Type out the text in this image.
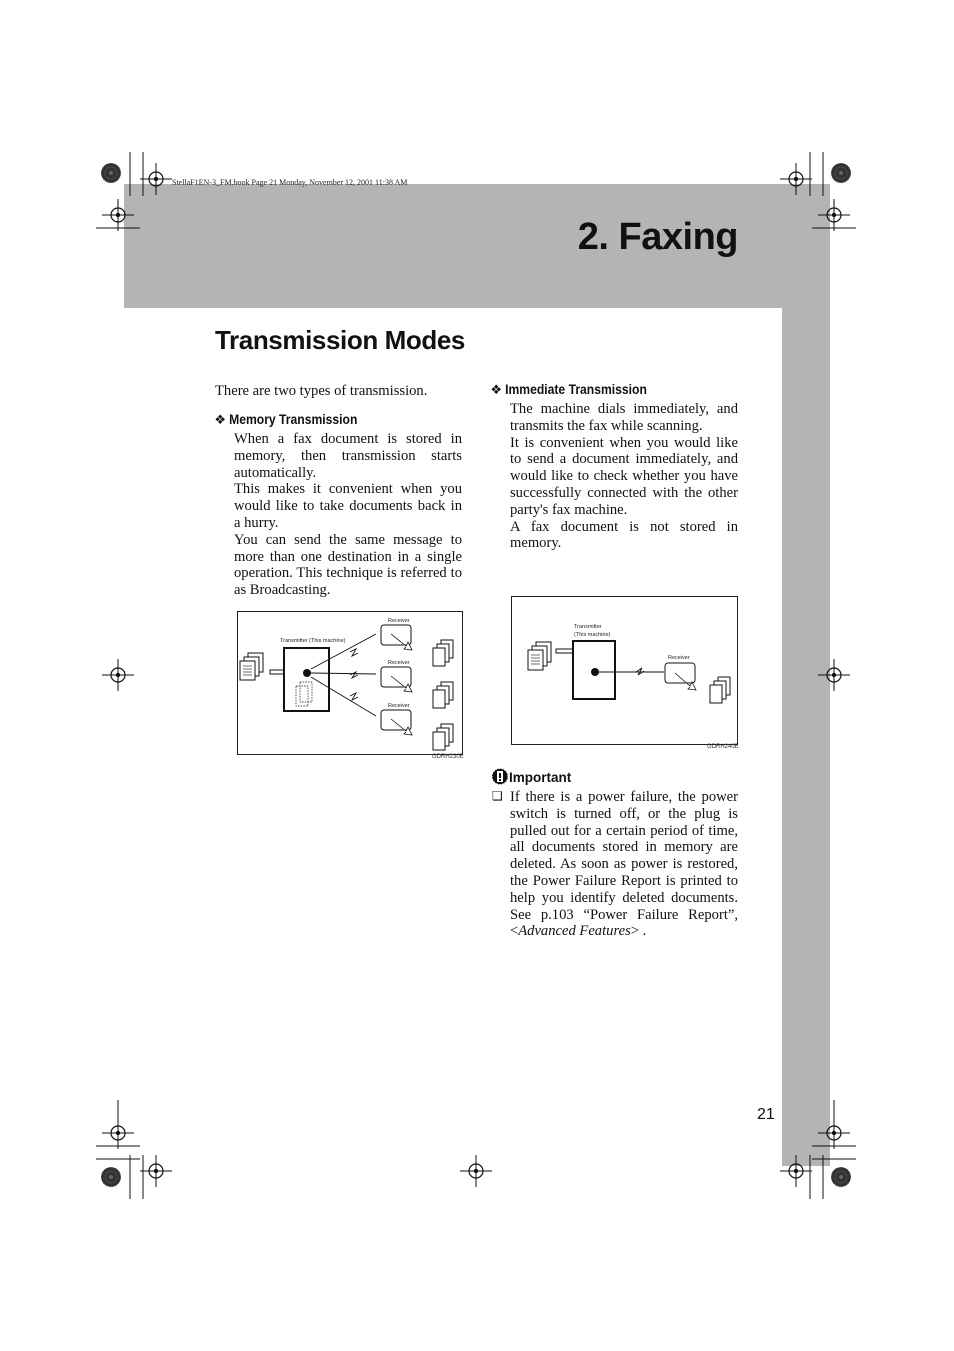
StellaF1EN-3_FM.book Page 21 Monday, November 12, 2001 11:38 AM
2. Faxing
Transmission Modes
There are two types of transmission.
❖ Memory Transmission

When a fax document is stored in memory, then transmission starts automatically.

This makes it convenient when you would like to take documents back in a hurry.

You can send the same message to more than one destination in a single operation. This technique is referred to as Broadcasting.

Transmitter (This machine)
Receiver
Receiver
Receiver
GDRH230E
❖ Immediate Transmission

The machine dials immediately, and transmits the fax while scanning.

It is convenient when you would like to send a document immediately, and would like to check whether you have successfully connected with the other party's fax machine.

A fax document is not stored in memory.

Transmitter
(This machine)
Receiver
GDRH240E
Important
❑ If there is a power failure, the power switch is turned off, or the plug is pulled out for a certain period of time, all documents stored in memory are deleted. As soon as power is restored, the Power Failure Report is printed to help you identify deleted documents. See p.103 “Power Failure Report”, <Advanced Features> .
21
